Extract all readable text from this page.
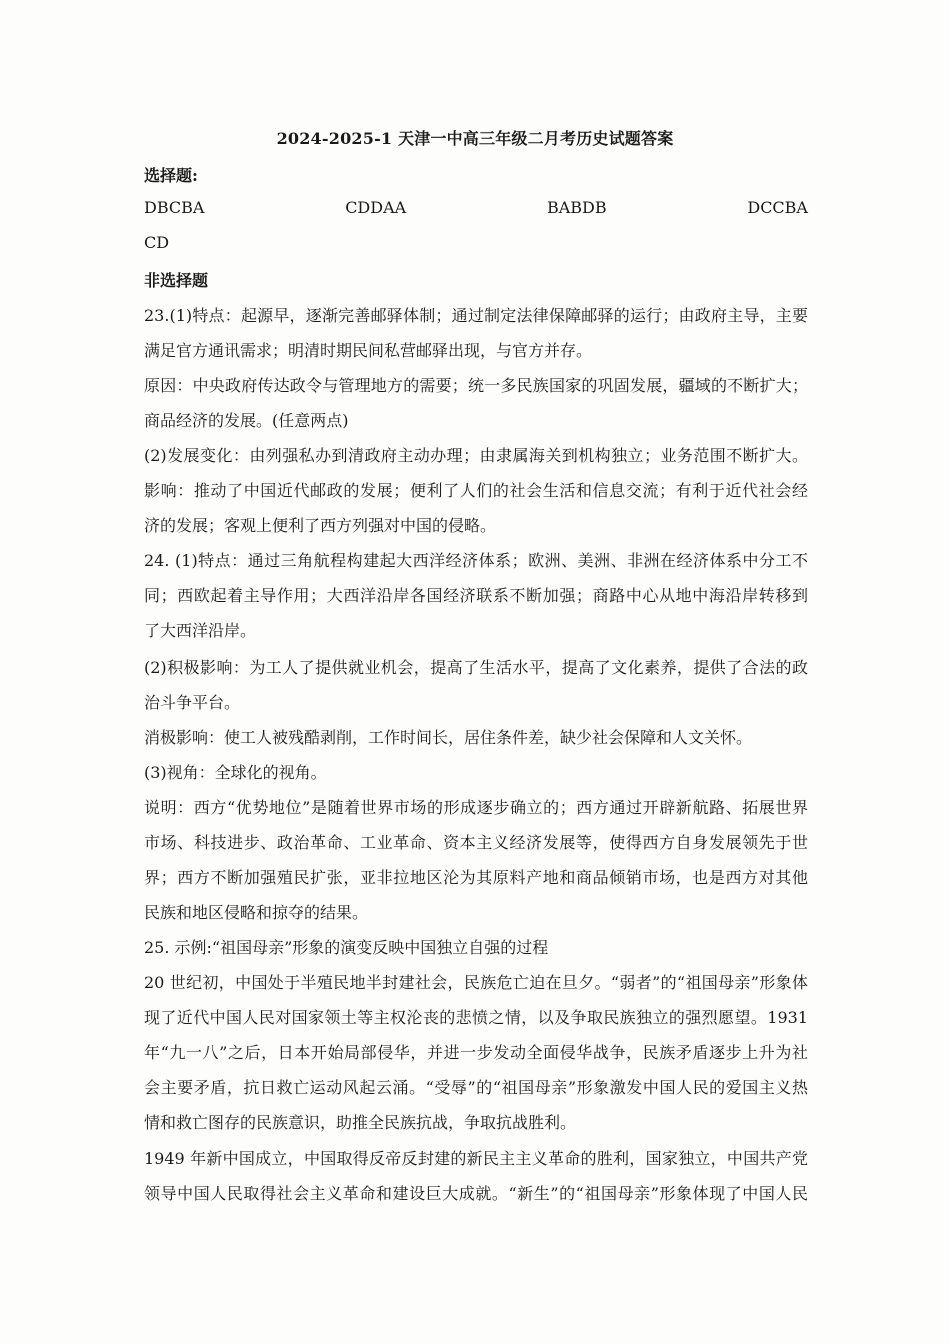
2024-2025-1 天津一中高三年级二月考历史试题答案
选择题:
DBCBA	CDDAA	BABDB	DCCBA
CD
非选择题
23.(1)特点：起源早，逐渐完善邮驿体制；通过制定法律保障邮驿的运行；由政府主导，主要
满足官方通讯需求；明清时期民间私营邮驿出现，与官方并存。
原因：中央政府传达政令与管理地方的需要；统一多民族国家的巩固发展，疆域的不断扩大；
商品经济的发展。(任意两点)
(2)发展变化：由列强私办到清政府主动办理；由隶属海关到机构独立；业务范围不断扩大。
影响：推动了中国近代邮政的发展；便利了人们的社会生活和信息交流；有利于近代社会经
济的发展；客观上便利了西方列强对中国的侵略。
24. (1)特点：通过三角航程构建起大西洋经济体系；欧洲、美洲、非洲在经济体系中分工不
同；西欧起着主导作用；大西洋沿岸各国经济联系不断加强；商路中心从地中海沿岸转移到
了大西洋沿岸。
(2)积极影响：为工人了提供就业机会，提高了生活水平，提高了文化素养，提供了合法的政
治斗争平台。
消极影响：使工人被残酷剥削，工作时间长，居住条件差，缺少社会保障和人文关怀。
(3)视角：全球化的视角。
说明：西方“优势地位”是随着世界市场的形成逐步确立的；西方通过开辟新航路、拓展世界
市场、科技进步、政治革命、工业革命、资本主义经济发展等，使得西方自身发展领先于世
界；西方不断加强殖民扩张，亚非拉地区沦为其原料产地和商品倾销市场，也是西方对其他
民族和地区侵略和掠夺的结果。
25. 示例:“祖国母亲”形象的演变反映中国独立自强的过程
20 世纪初，中国处于半殖民地半封建社会，民族危亡迫在旦夕。“弱者”的“祖国母亲”形象体
现了近代中国人民对国家领土等主权沦丧的悲愤之情，以及争取民族独立的强烈愿望。1931
年“九一八”之后，日本开始局部侵华，并进一步发动全面侵华战争，民族矛盾逐步上升为社
会主要矛盾，抗日救亡运动风起云涌。“受辱”的“祖国母亲”形象激发中国人民的爱国主义热
情和救亡图存的民族意识，助推全民族抗战，争取抗战胜利。
1949 年新中国成立，中国取得反帝反封建的新民主主义革命的胜利，国家独立，中国共产党
领导中国人民取得社会主义革命和建设巨大成就。“新生”的“祖国母亲”形象体现了中国人民
